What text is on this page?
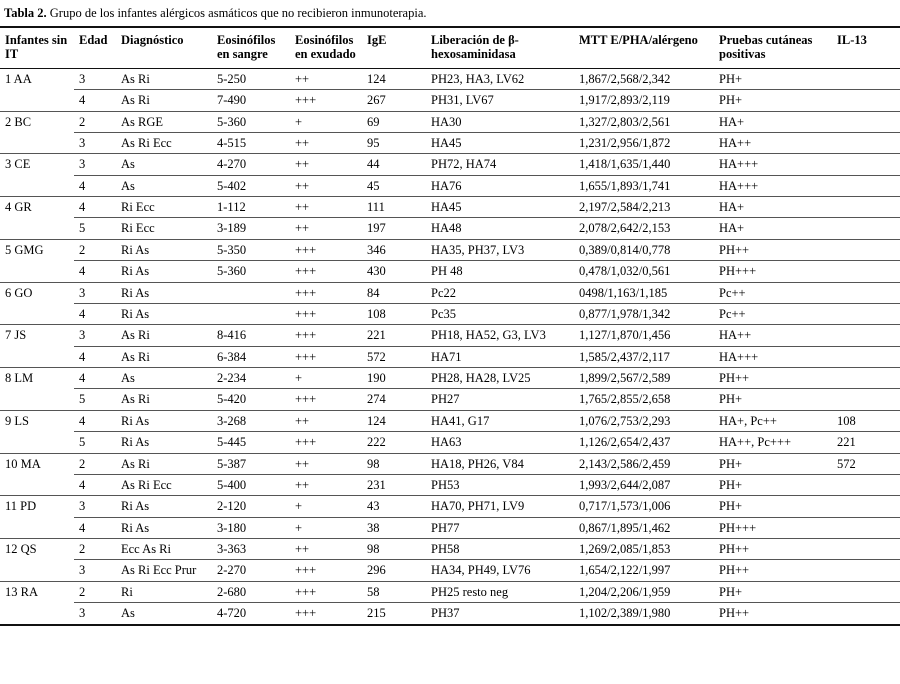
Tabla 2. Grupo de los infantes alérgicos asmáticos que no recibieron inmunoterapia.
Infantes sin IT	Edad	Diagnóstico	Eosinófilos en sangre	Eosinófilos en exudado	IgE	Liberación de β-hexosaminidasa	MTT E/PHA/alérgeno	Pruebas cutáneas positivas	IL-13
1 AA	3	As Ri	5-250	++	124	PH23, HA3, LV62	1,867/2,568/2,342	PH+	
	4	As Ri	7-490	+++	267	PH31, LV67	1,917/2,893/2,119	PH+	
2 BC	2	As RGE	5-360	+	69	HA30	1,327/2,803/2,561	HA+	
	3	As Ri Ecc	4-515	++	95	HA45	1,231/2,956/1,872	HA++	
3 CE	3	As	4-270	++	44	PH72, HA74	1,418/1,635/1,440	HA+++	
	4	As	5-402	++	45	HA76	1,655/1,893/1,741	HA+++	
4 GR	4	Ri Ecc	1-112	++	111	HA45	2,197/2,584/2,213	HA+	
	5	Ri Ecc	3-189	++	197	HA48	2,078/2,642/2,153	HA+	
5 GMG	2	Ri As	5-350	+++	346	HA35, PH37, LV3	0,389/0,814/0,778	PH++	
	4	Ri As	5-360	+++	430	PH 48	0,478/1,032/0,561	PH+++	
6 GO	3	Ri As		+++	84	Pc22	0498/1,163/1,185	Pc++	
	4	Ri As		+++	108	Pc35	0,877/1,978/1,342	Pc++	
7 JS	3	As Ri	8-416	+++	221	PH18, HA52, G3, LV3	1,127/1,870/1,456	HA++	
	4	As Ri	6-384	+++	572	HA71	1,585/2,437/2,117	HA+++	
8 LM	4	As	2-234	+	190	PH28, HA28, LV25	1,899/2,567/2,589	PH++	
	5	As Ri	5-420	+++	274	PH27	1,765/2,855/2,658	PH+	
9 LS	4	Ri As	3-268	++	124	HA41, G17	1,076/2,753/2,293	HA+, Pc++	108
	5	Ri As	5-445	+++	222	HA63	1,126/2,654/2,437	HA++, Pc+++	221
10 MA	2	As Ri	5-387	++	98	HA18, PH26, V84	2,143/2,586/2,459	PH+	572
	4	As Ri Ecc	5-400	++	231	PH53	1,993/2,644/2,087	PH+	
11 PD	3	Ri As	2-120	+	43	HA70, PH71, LV9	0,717/1,573/1,006	PH+	
	4	Ri As	3-180	+	38	PH77	0,867/1,895/1,462	PH+++	
12 QS	2	Ecc As Ri	3-363	++	98	PH58	1,269/2,085/1,853	PH++	
	3	As Ri Ecc Prur	2-270	+++	296	HA34, PH49, LV76	1,654/2,122/1,997	PH++	
13 RA	2	Ri	2-680	+++	58	PH25 resto neg	1,204/2,206/1,959	PH+	
	3	As	4-720	+++	215	PH37	1,102/2,389/1,980	PH++	
